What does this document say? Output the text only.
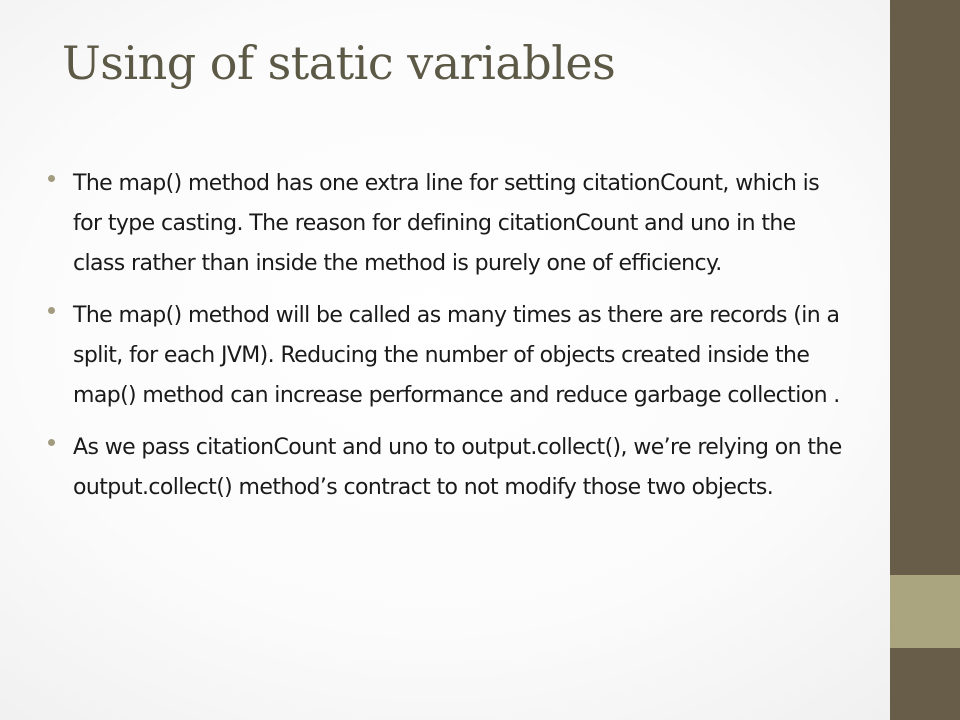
Using of static variables
The map() method has one extra line for setting citationCount, which is for type casting. The reason for defining citationCount and uno in the class rather than inside the method is purely one of efficiency.
The map() method will be called as many times as there are records (in a split, for each JVM). Reducing the number of objects created inside the map() method can increase performance and reduce garbage collection .
As we pass citationCount and uno to output.collect(), we’re relying on the output.collect() method’s contract to not modify those two objects.
